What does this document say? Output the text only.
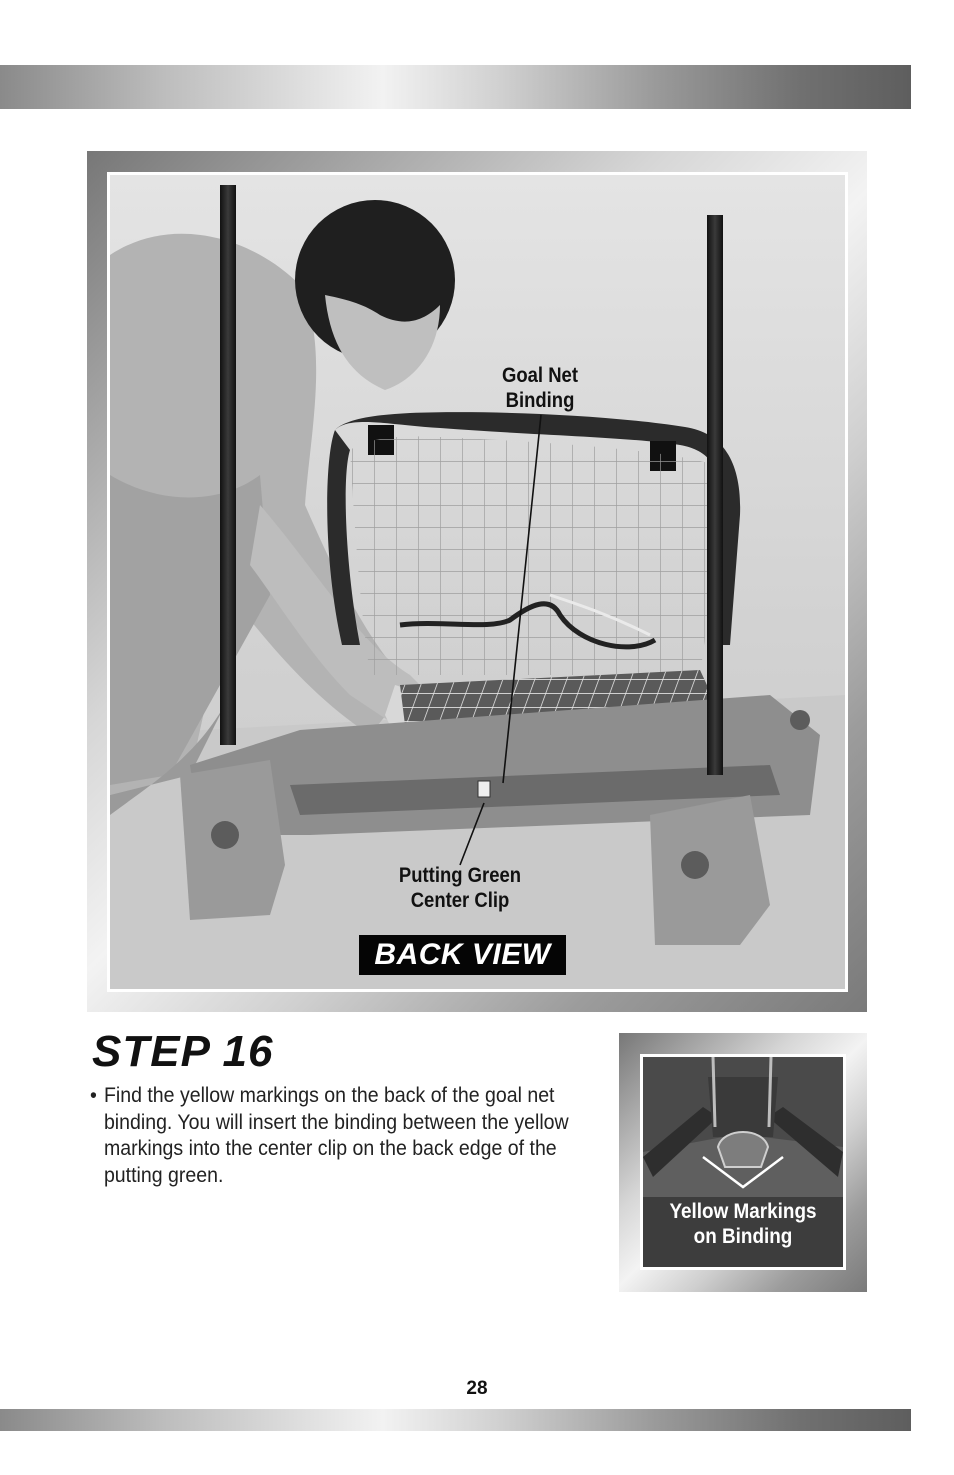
Goal Net
Binding
Putting Green
Center Clip
BACK VIEW
STEP 16
• Find the yellow markings on the back of the goal net binding. You will insert the binding between the yellow markings into the center clip on the back edge of the putting green.
Yellow Markings
on Binding
28
